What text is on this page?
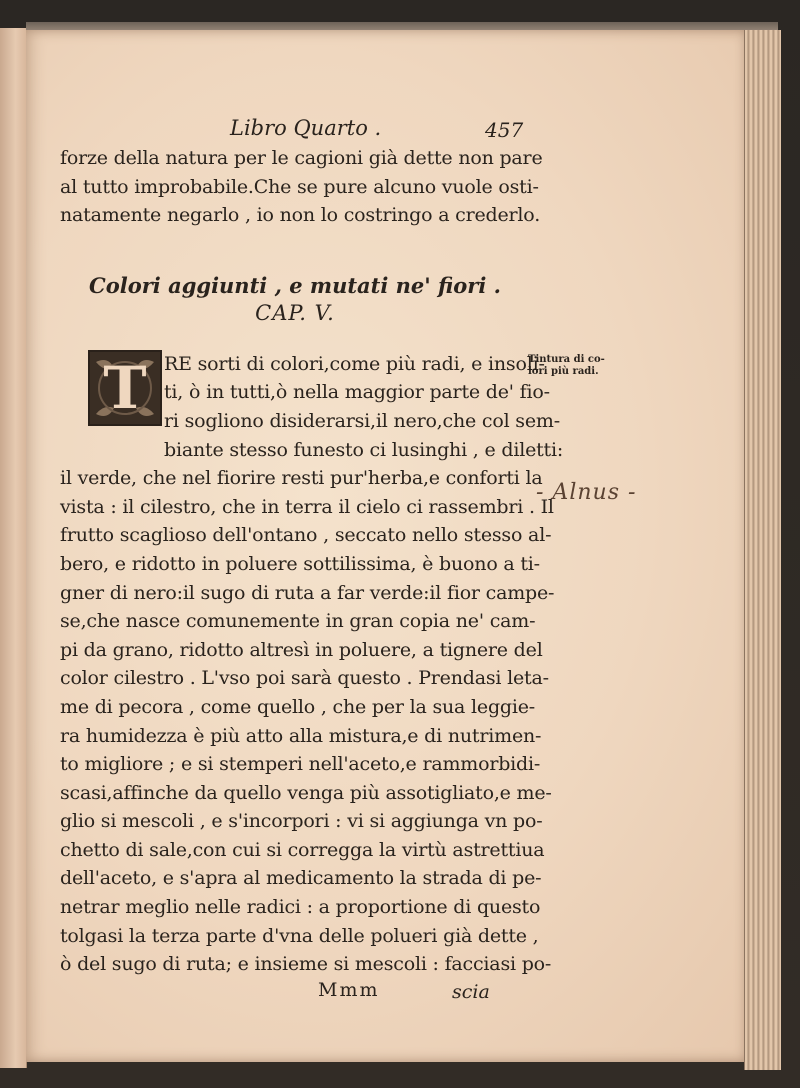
Libro Quarto .	457
forze della natura per le cagioni già dette non pare
al tutto improbabile.Che se pure alcuno vuole osti-
natamente negarlo , io non lo costringo a crederlo.
Colori aggiunti , e mutati ne' fiori .
CAP. V.
T RE sorti di colori,come più radi, e insoli-
ti, ò in tutti,ò nella maggior parte de' fio-
ri sogliono disiderarsi,il nero,che col sem-
biante stesso funesto ci lusinghi , e diletti:
il verde, che nel fiorire resti pur'herba,e conforti la
vista : il cilestro, che in terra il cielo ci rassembri . Il
frutto scaglioso dell'ontano , seccato nello stesso al-
bero, e ridotto in poluere sottilissima, è buono a ti-
gner di nero:il sugo di ruta a far verde:il fior campe-
se,che nasce comunemente in gran copia ne' cam-
pi da grano, ridotto altresì in poluere, a tignere del
color cilestro . L'vso poi sarà questo . Prendasi leta-
me di pecora , come quello , che per la sua leggie-
ra humidezza è più atto alla mistura,e di nutrimen-
to migliore ; e si stemperi nell'aceto,e rammorbidi-
scasi,affinche da quello venga più assotigliato,e me-
glio si mescoli , e s'incorpori : vi si aggiunga vn po-
chetto di sale,con cui si corregga la virtù astrettiua
dell'aceto, e s'apra al medicamento la strada di pe-
netrar meglio nelle radici : a proportione di questo
tolgasi la terza parte d'vna delle polueri già dette ,
ò del sugo di ruta; e insieme si mescoli : facciasi po-
Mmm	scia
Tintura di co-lori più radi.
- Alnus -
